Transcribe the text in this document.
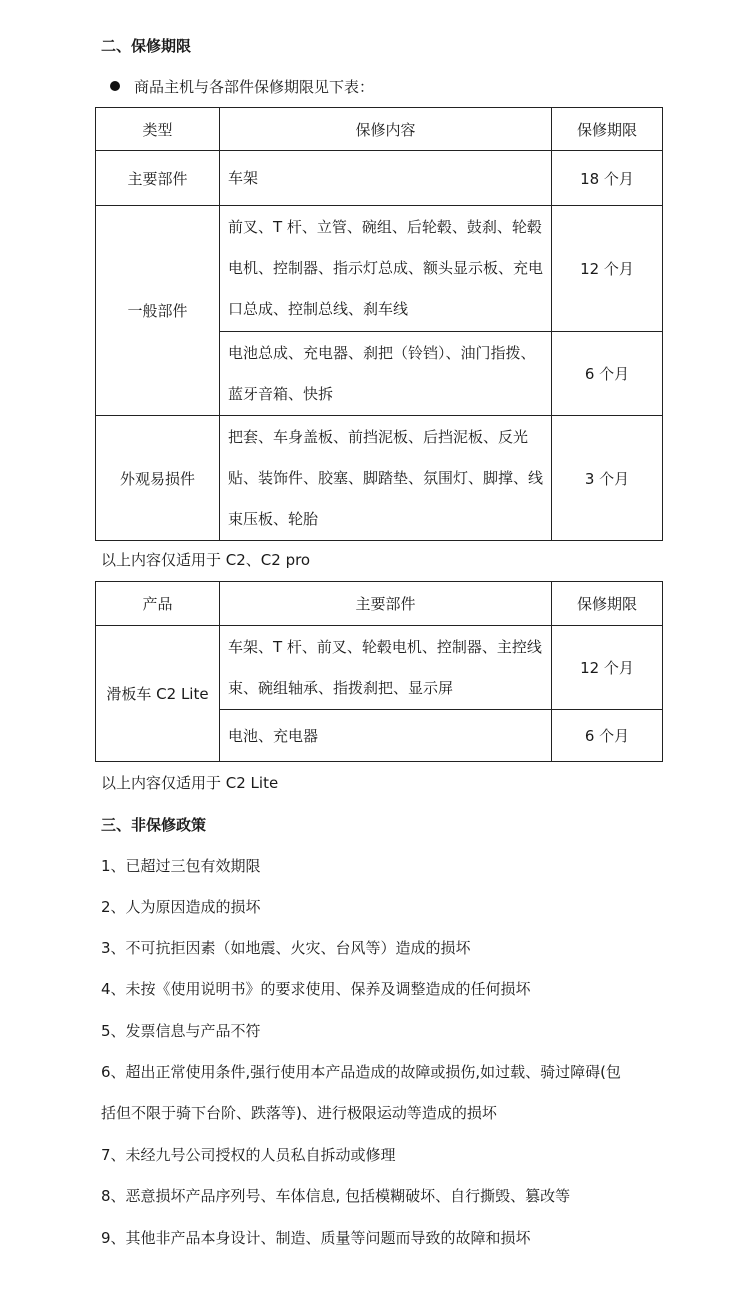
二、保修期限
商品主机与各部件保修期限见下表：
类型	保修内容	保修期限
主要部件	车架	18 个月
一般部件	前叉、T 杆、立管、碗组、后轮毂、鼓刹、轮毂电机、控制器、指示灯总成、额头显示板、充电口总成、控制总线、刹车线	12 个月
	电池总成、充电器、刹把（铃铛）、油门指拨、蓝牙音箱、快拆	6 个月
外观易损件	把套、车身盖板、前挡泥板、后挡泥板、反光贴、装饰件、胶塞、脚踏垫、氛围灯、脚撑、线束压板、轮胎	3 个月
以上内容仅适用于 C2、C2 pro
产品	主要部件	保修期限
滑板车 C2 Lite	车架、T 杆、前叉、轮毂电机、控制器、主控线束、碗组轴承、指拨刹把、显示屏	12 个月
	电池、充电器	6 个月
以上内容仅适用于 C2 Lite
三、非保修政策
1、已超过三包有效期限
2、人为原因造成的损坏
3、不可抗拒因素（如地震、火灾、台风等）造成的损坏
4、未按《使用说明书》的要求使用、保养及调整造成的任何损坏
5、发票信息与产品不符
6、超出正常使用条件,强行使用本产品造成的故障或损伤,如过载、骑过障碍(包
括但不限于骑下台阶、跌落等)、进行极限运动等造成的损坏
7、未经九号公司授权的人员私自拆动或修理
8、恶意损坏产品序列号、车体信息, 包括模糊破坏、自行撕毁、篡改等
9、其他非产品本身设计、制造、质量等问题而导致的故障和损坏
